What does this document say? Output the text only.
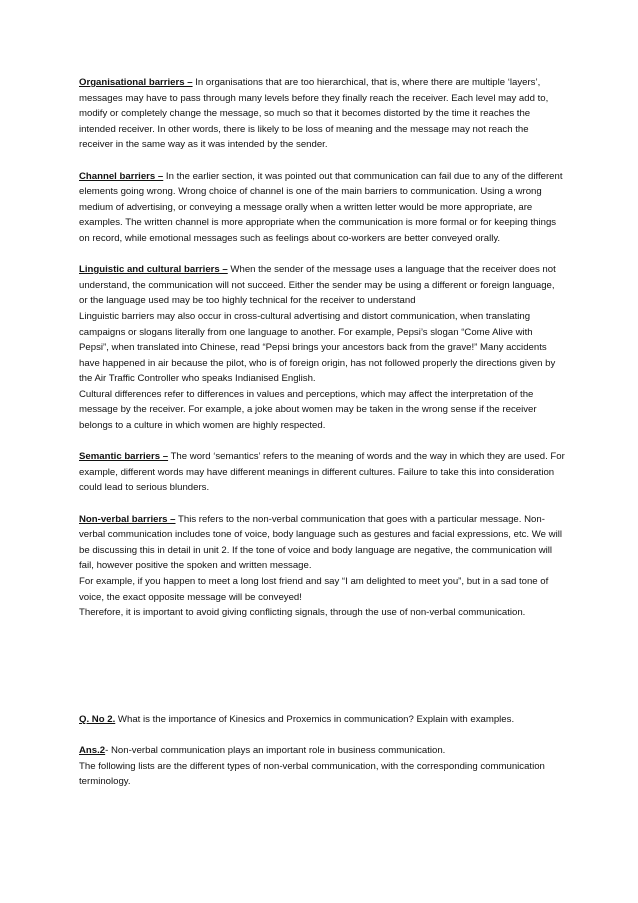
Organisational barriers – In organisations that are too hierarchical, that is, where there are multiple ‘layers’, messages may have to pass through many levels before they finally reach the receiver. Each level may add to, modify or completely change the message, so much so that it becomes distorted by the time it reaches the intended receiver. In other words, there is likely to be loss of meaning and the message may not reach the receiver in the same way as it was intended by the sender.

Channel barriers – In the earlier section, it was pointed out that communication can fail due to any of the different elements going wrong. Wrong choice of channel is one of the main barriers to communication. Using a wrong medium of advertising, or conveying a message orally when a written letter would be more appropriate, are examples. The written channel is more appropriate when the communication is more formal or for keeping things on record, while emotional messages such as feelings about co-workers are better conveyed orally.

Linguistic and cultural barriers – When the sender of the message uses a language that the receiver does not understand, the communication will not succeed. Either the sender may be using a different or foreign language, or the language used may be too highly technical for the receiver to understand

Linguistic barriers may also occur in cross-cultural advertising and distort communication, when translating campaigns or slogans literally from one language to another. For example, Pepsi’s slogan “Come Alive with Pepsi”, when translated into Chinese, read “Pepsi brings your ancestors back from the grave!” Many accidents have happened in air because the pilot, who is of foreign origin, has not followed properly the directions given by the Air Traffic Controller who speaks Indianised English.

Cultural differences refer to differences in values and perceptions, which may affect the interpretation of the message by the receiver. For example, a joke about women may be taken in the wrong sense if the receiver belongs to a culture in which women are highly respected.

Semantic barriers – The word ‘semantics’ refers to the meaning of words and the way in which they are used. For example, different words may have different meanings in different cultures. Failure to take this into consideration could lead to serious blunders.

Non-verbal barriers – This refers to the non-verbal communication that goes with a particular message. Non-verbal communication includes tone of voice, body language such as gestures and facial expressions, etc. We will be discussing this in detail in unit 2. If the tone of voice and body language are negative, the communication will fail, however positive the spoken and written message.

For example, if you happen to meet a long lost friend and say “I am delighted to meet you”, but in a sad tone of voice, the exact opposite message will be conveyed!

Therefore, it is important to avoid giving conflicting signals, through the use of non-verbal communication.

Q. No 2. What is the importance of Kinesics and Proxemics in communication? Explain with examples.

Ans.2- Non-verbal communication plays an important role in business communication.

The following lists are the different types of non-verbal communication, with the corresponding communication terminology.
